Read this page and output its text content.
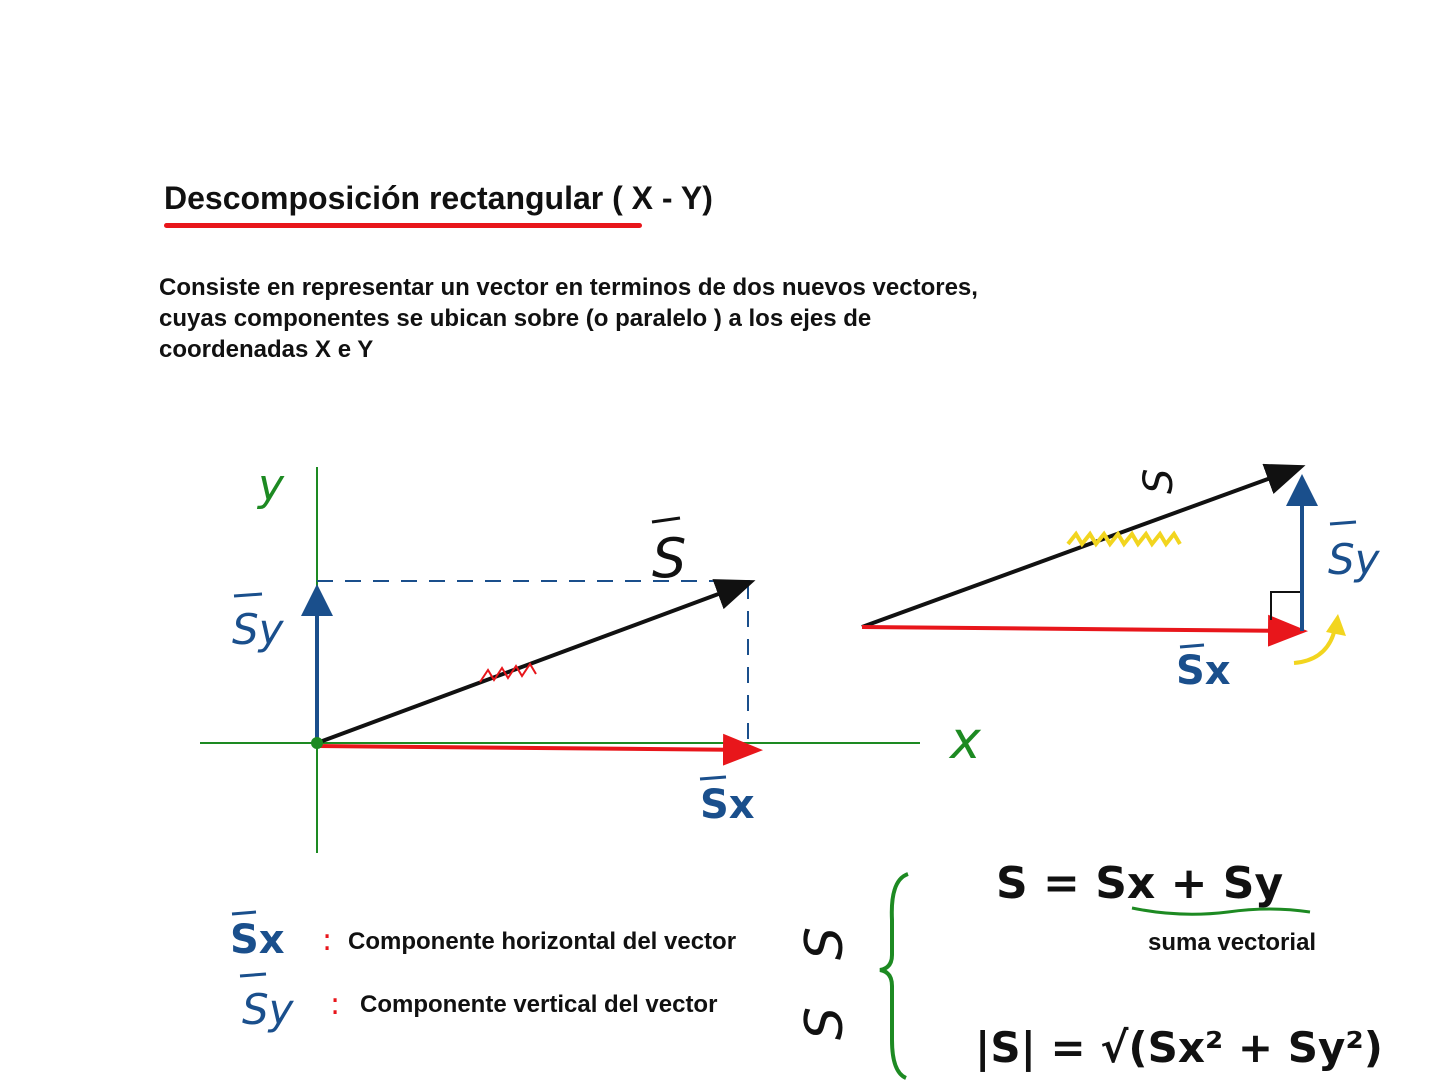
Descomposición rectangular ( X - Y)
Consiste en representar un vector en terminos de dos nuevos vectores,
cuyas componentes se ubican sobre (o paralelo ) a los ejes de
coordenadas X e Y
y
x
S
Sy
Sx
S
Sy
Sx
Sx :
Sy :
S
S
S = Sx + Sy
|S| = √(Sx² + Sy²)
Componente horizontal del vector
Componente vertical del vector
suma vectorial
